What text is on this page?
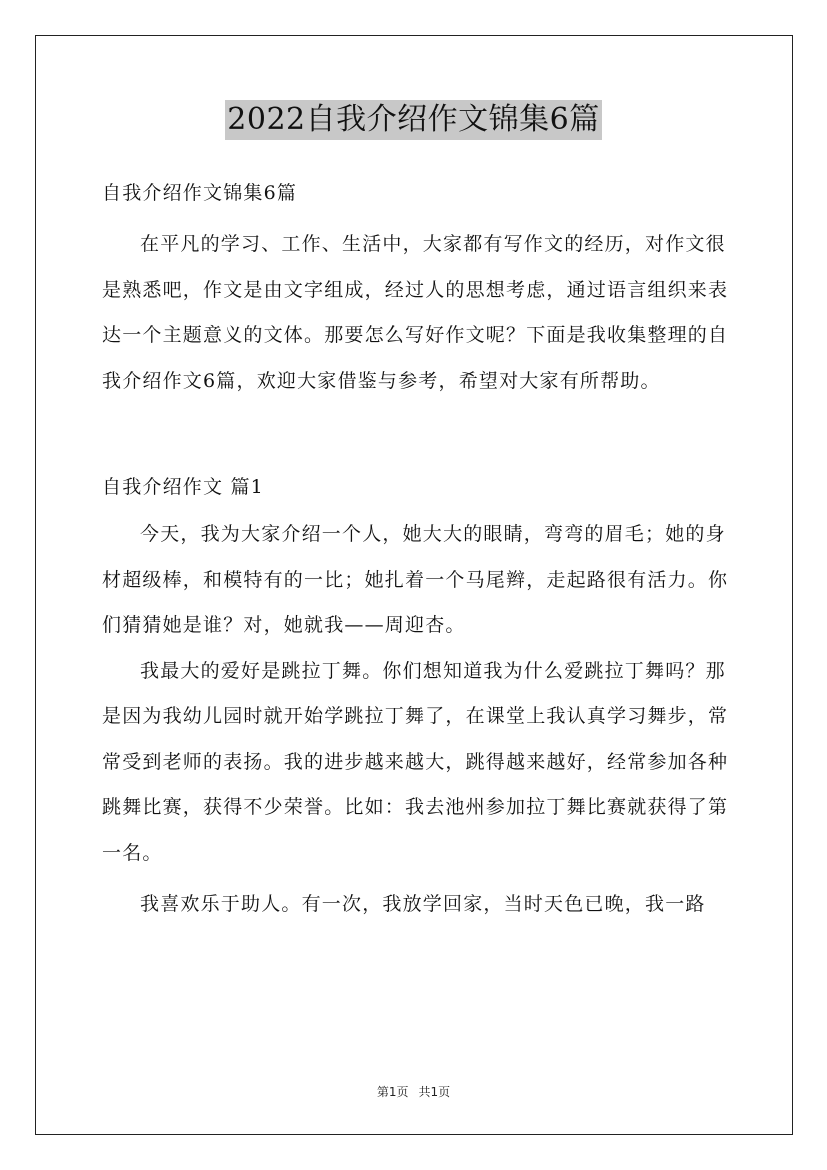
2022自我介绍作文锦集6篇

自我介绍作文锦集6篇

在平凡的学习、工作、生活中，大家都有写作文的经历，对作文很是熟悉吧，作文是由文字组成，经过人的思想考虑，通过语言组织来表达一个主题意义的文体。那要怎么写好作文呢？下面是我收集整理的自我介绍作文6篇，欢迎大家借鉴与参考，希望对大家有所帮助。

自我介绍作文 篇1

今天，我为大家介绍一个人，她大大的眼睛，弯弯的眉毛；她的身材超级棒，和模特有的一比；她扎着一个马尾辫，走起路很有活力。你们猜猜她是谁？对，她就我——周迎杏。

我最大的爱好是跳拉丁舞。你们想知道我为什么爱跳拉丁舞吗？那是因为我幼儿园时就开始学跳拉丁舞了，在课堂上我认真学习舞步，常常受到老师的表扬。我的进步越来越大，跳得越来越好，经常参加各种跳舞比赛，获得不少荣誉。比如：我去池州参加拉丁舞比赛就获得了第一名。

我喜欢乐于助人。有一次，我放学回家，当时天色已晚，我一路

第1页 共1页
